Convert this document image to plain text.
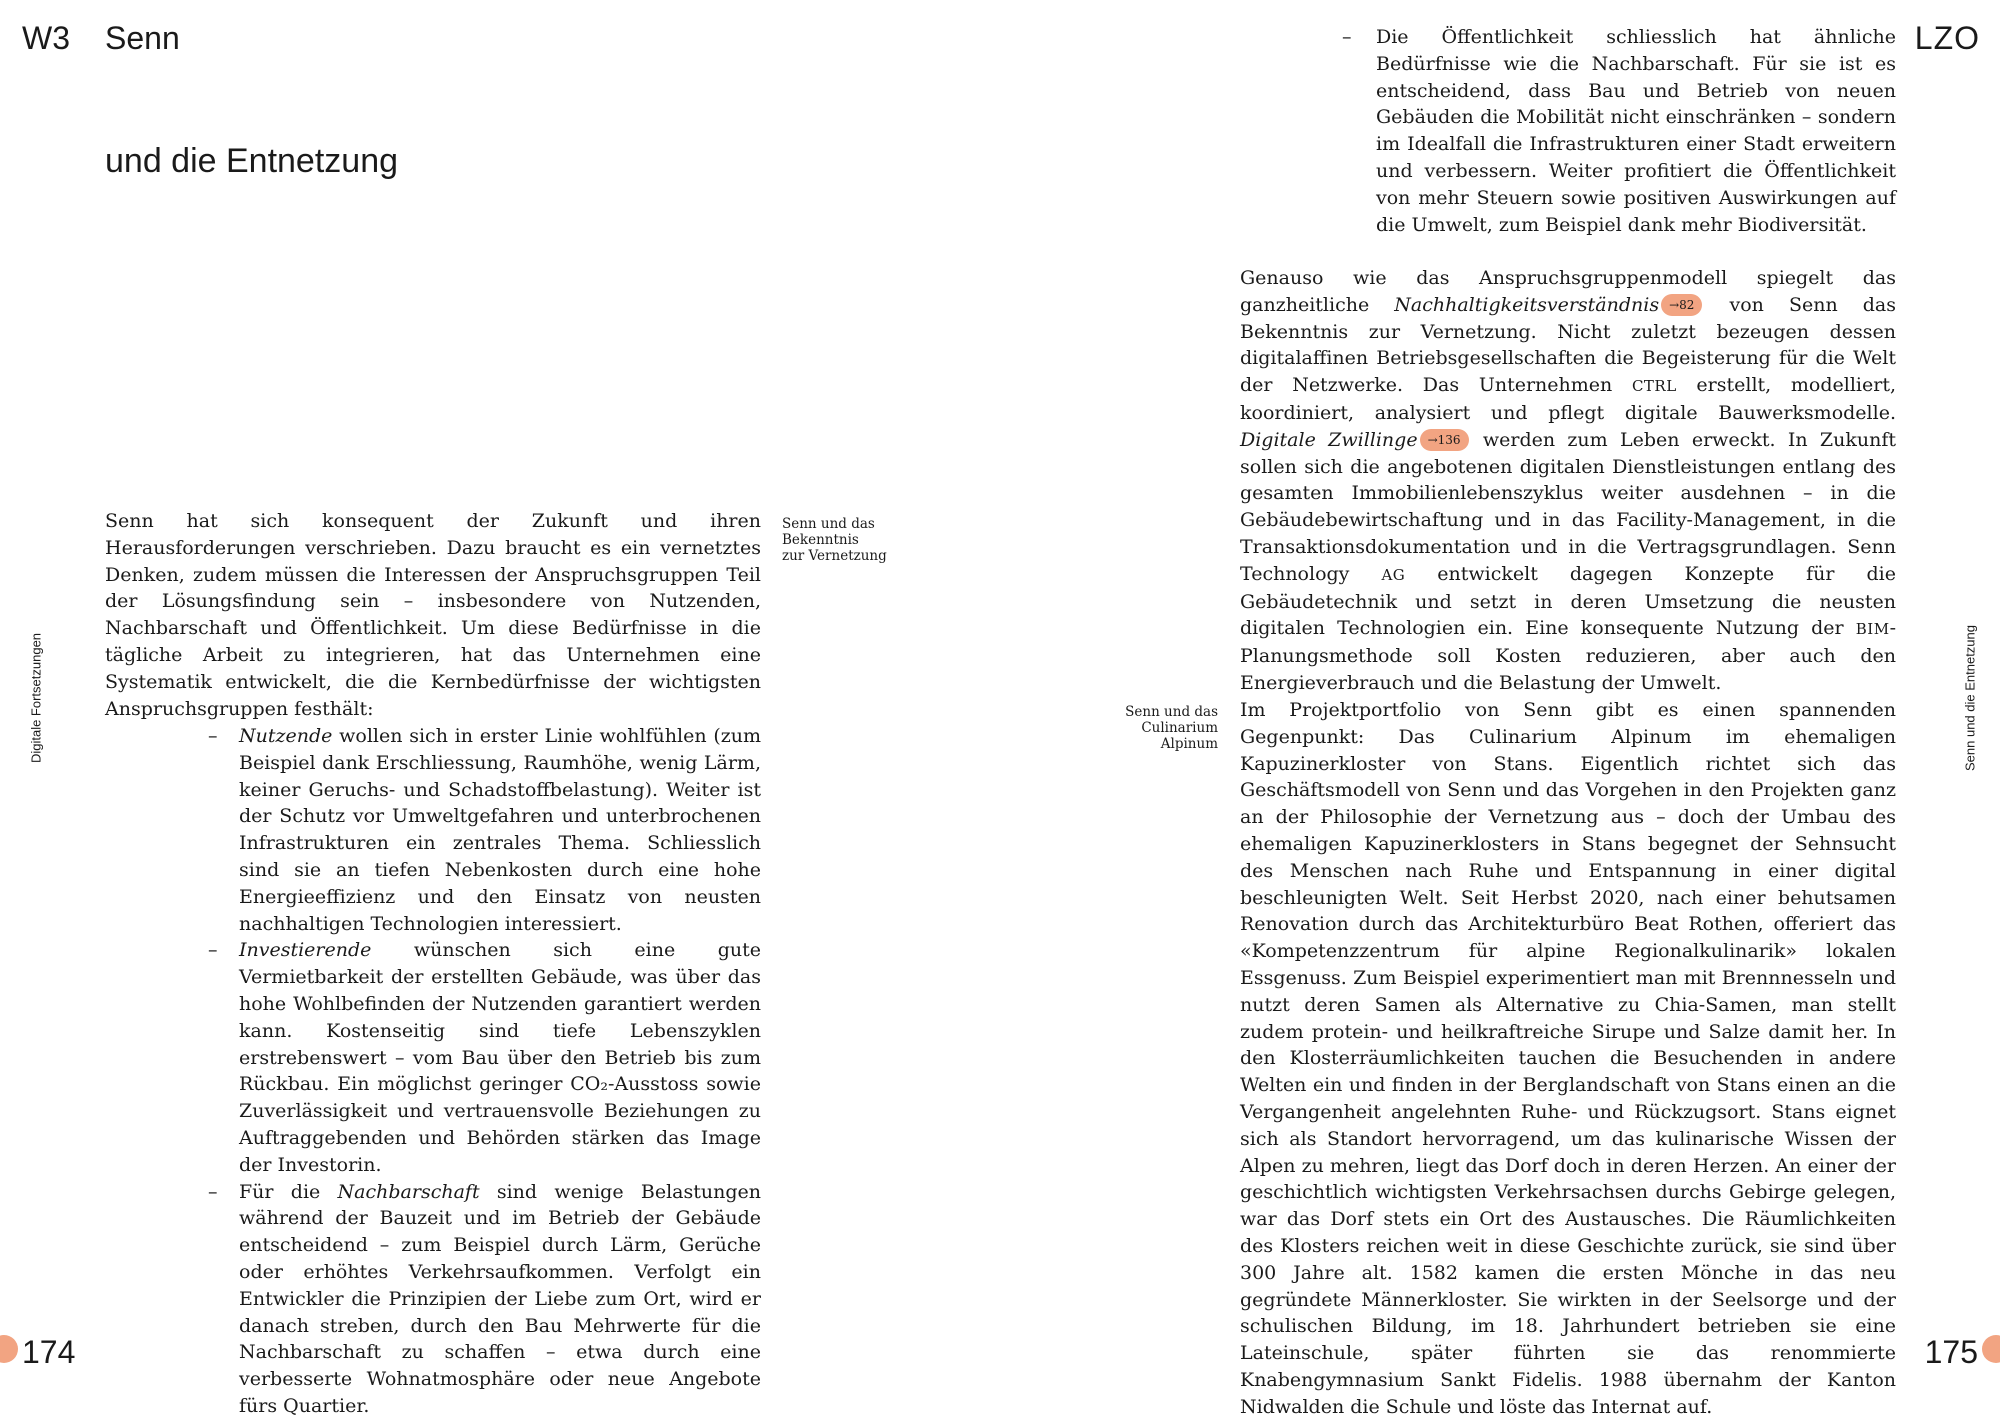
W3 Senn	LZO
und die Entnetzung
Digitale Fortsetzungen	Senn und die Entnetzung
Senn hat sich konsequent der Zukunft und ihren Herausforderungen verschrieben. Dazu braucht es ein vernetztes Denken, zudem müssen die Interessen der Anspruchsgruppen Teil der Lösungsfindung sein – insbesondere von Nutzenden, Nachbarschaft und Öffentlichkeit. Um diese Bedürfnisse in die tägliche Arbeit zu integrieren, hat das Unternehmen eine Systematik entwickelt, die die Kernbedürfnisse der wichtigsten Anspruchsgruppen festhält:
Senn und das
Bekenntnis
zur Vernetzung
– Nutzende wollen sich in erster Linie wohlfühlen (zum Beispiel dank Erschliessung, Raumhöhe, wenig Lärm, keiner Geruchs- und Schadstoffbelastung). Weiter ist der Schutz vor Umweltgefahren und unterbrochenen Infrastrukturen ein zentrales Thema. Schliesslich sind sie an tiefen Nebenkosten durch eine hohe Energieeffizienz und den Einsatz von neusten nachhaltigen Technologien interessiert.
– Investierende wünschen sich eine gute Vermietbarkeit der erstellten Gebäude, was über das hohe Wohlbefinden der Nutzenden garantiert werden kann. Kostenseitig sind tiefe Lebenszyklen erstrebenswert – vom Bau über den Betrieb bis zum Rückbau. Ein möglichst geringer CO₂-Ausstoss sowie Zuverlässigkeit und vertrauensvolle Beziehungen zu Auftraggebenden und Behörden stärken das Image der Investorin.
– Für die Nachbarschaft sind wenige Belastungen während der Bauzeit und im Betrieb der Gebäude entscheidend – zum Beispiel durch Lärm, Gerüche oder erhöhtes Verkehrsaufkommen. Verfolgt ein Entwickler die Prinzipien der Liebe zum Ort, wird er danach streben, durch den Bau Mehrwerte für die Nachbarschaft zu schaffen – etwa durch eine verbesserte Wohnatmosphäre oder neue Angebote fürs Quartier.
– Die Öffentlichkeit schliesslich hat ähnliche Bedürfnisse wie die Nachbarschaft. Für sie ist es entscheidend, dass Bau und Betrieb von neuen Gebäuden die Mobilität nicht einschränken – sondern im Idealfall die Infrastrukturen einer Stadt erweitern und verbessern. Weiter profitiert die Öffentlichkeit von mehr Steuern sowie positiven Auswirkungen auf die Umwelt, zum Beispiel dank mehr Biodiversität.
Genauso wie das Anspruchsgruppenmodell spiegelt das ganzheitliche Nachhaltigkeitsverständnis →82 von Senn das Bekenntnis zur Vernetzung. Nicht zuletzt bezeugen dessen digitalaffinen Betriebsgesellschaften die Begeisterung für die Welt der Netzwerke. Das Unternehmen CTRL erstellt, modelliert, koordiniert, analysiert und pflegt digitale Bauwerksmodelle. Digitale Zwillinge →136 werden zum Leben erweckt. In Zukunft sollen sich die angebotenen digitalen Dienstleistungen entlang des gesamten Immobilienlebenszyklus weiter ausdehnen – in die Gebäudebewirtschaftung und in das Facility-Management, in die Transaktionsdokumentation und in die Vertragsgrundlagen. Senn Technology AG entwickelt dagegen Konzepte für die Gebäudetechnik und setzt in deren Umsetzung die neusten digitalen Technologien ein. Eine konsequente Nutzung der BIM-Planungsmethode soll Kosten reduzieren, aber auch den Energieverbrauch und die Belastung der Umwelt.
Senn und das
Culinarium
Alpinum
Im Projektportfolio von Senn gibt es einen spannenden Gegenpunkt: Das Culinarium Alpinum im ehemaligen Kapuzinerkloster von Stans. Eigentlich richtet sich das Geschäftsmodell von Senn und das Vorgehen in den Projekten ganz an der Philosophie der Vernetzung aus – doch der Umbau des ehemaligen Kapuzinerklosters in Stans begegnet der Sehnsucht des Menschen nach Ruhe und Entspannung in einer digital beschleunigten Welt. Seit Herbst 2020, nach einer behutsamen Renovation durch das Architekturbüro Beat Rothen, offeriert das «Kompetenzzentrum für alpine Regionalkulinarik» lokalen Essgenuss. Zum Beispiel experimentiert man mit Brennnesseln und nutzt deren Samen als Alternative zu Chia-Samen, man stellt zudem protein- und heilkraftreiche Sirupe und Salze damit her. In den Klosterräumlichkeiten tauchen die Besuchenden in andere Welten ein und finden in der Berglandschaft von Stans einen an die Vergangenheit angelehnten Ruhe- und Rückzugsort. Stans eignet sich als Standort hervorragend, um das kulinarische Wissen der Alpen zu mehren, liegt das Dorf doch in deren Herzen. An einer der geschichtlich wichtigsten Verkehrsachsen durchs Gebirge gelegen, war das Dorf stets ein Ort des Austausches. Die Räumlichkeiten des Klosters reichen weit in diese Geschichte zurück, sie sind über 300 Jahre alt. 1582 kamen die ersten Mönche in das neu gegründete Männerkloster. Sie wirkten in der Seelsorge und der schulischen Bildung, im 18. Jahrhundert betrieben sie eine Lateinschule, später führten sie das renommierte Knabengymnasium Sankt Fidelis. 1988 übernahm der Kanton Nidwalden die Schule und löste das Internat auf.
174	175
